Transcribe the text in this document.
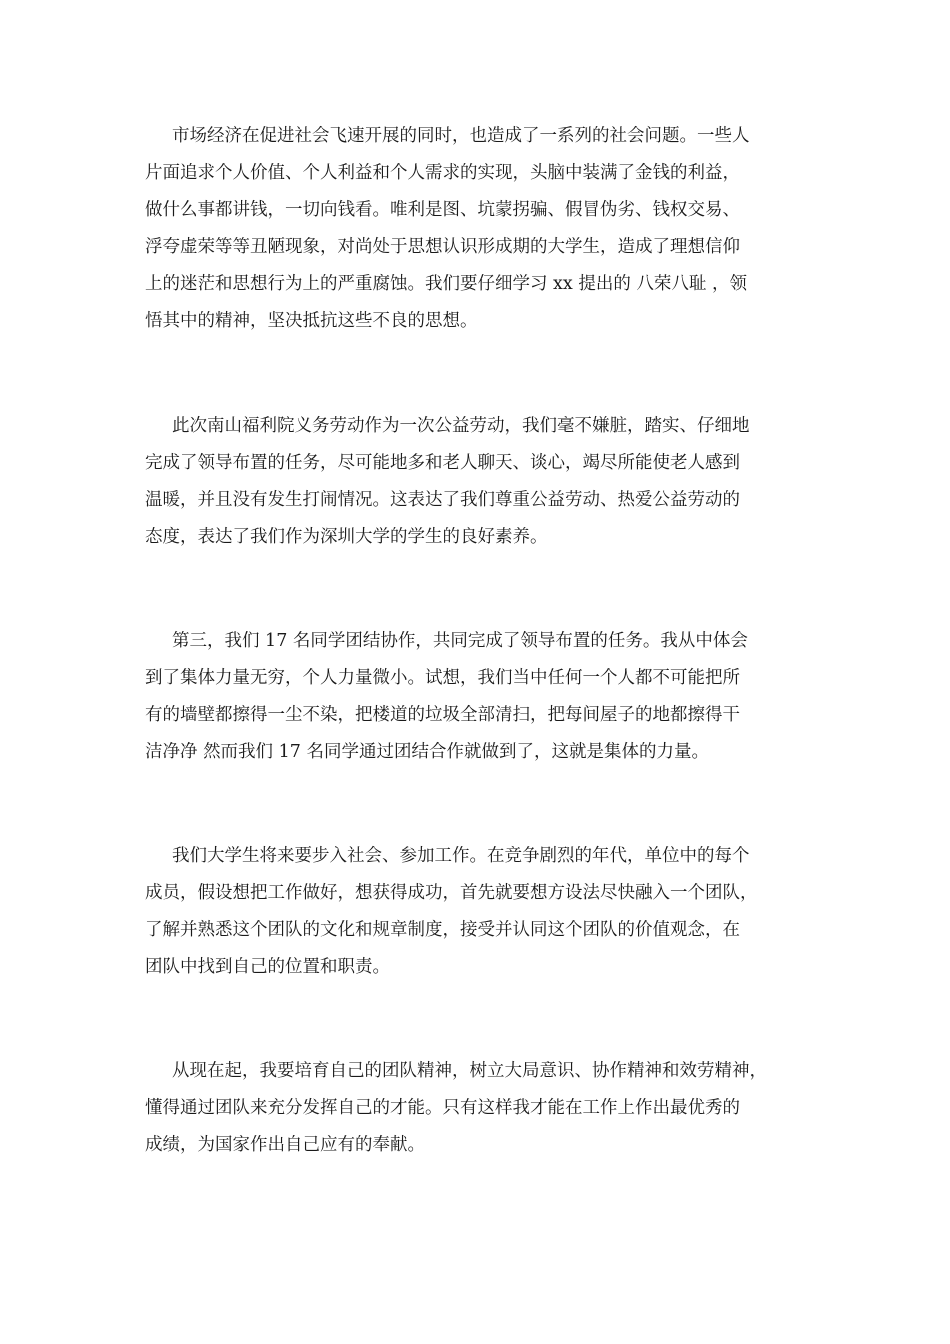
市场经济在促进社会飞速开展的同时，也造成了一系列的社会问题。一些人
片面追求个人价值、个人利益和个人需求的实现，头脑中装满了金钱的利益，
做什么事都讲钱，一切向钱看。唯利是图、坑蒙拐骗、假冒伪劣、钱权交易、
浮夸虚荣等等丑陋现象，对尚处于思想认识形成期的大学生，造成了理想信仰
上的迷茫和思想行为上的严重腐蚀。我们要仔细学习 xx 提出的 八荣八耻 ，领
悟其中的精神，坚决抵抗这些不良的思想。

此次南山福利院义务劳动作为一次公益劳动，我们毫不嫌脏，踏实、仔细地
完成了领导布置的任务，尽可能地多和老人聊天、谈心，竭尽所能使老人感到
温暖，并且没有发生打闹情况。这表达了我们尊重公益劳动、热爱公益劳动的
态度，表达了我们作为深圳大学的学生的良好素养。

第三，我们 17 名同学团结协作，共同完成了领导布置的任务。我从中体会
到了集体力量无穷，个人力量微小。试想，我们当中任何一个人都不可能把所
有的墙壁都擦得一尘不染，把楼道的垃圾全部清扫，把每间屋子的地都擦得干
洁净净 然而我们 17 名同学通过团结合作就做到了，这就是集体的力量。

我们大学生将来要步入社会、参加工作。在竞争剧烈的年代，单位中的每个
成员，假设想把工作做好，想获得成功，首先就要想方设法尽快融入一个团队，
了解并熟悉这个团队的文化和规章制度，接受并认同这个团队的价值观念，在
团队中找到自己的位置和职责。

从现在起，我要培育自己的团队精神，树立大局意识、协作精神和效劳精神，
懂得通过团队来充分发挥自己的才能。只有这样我才能在工作上作出最优秀的
成绩，为国家作出自己应有的奉献。
